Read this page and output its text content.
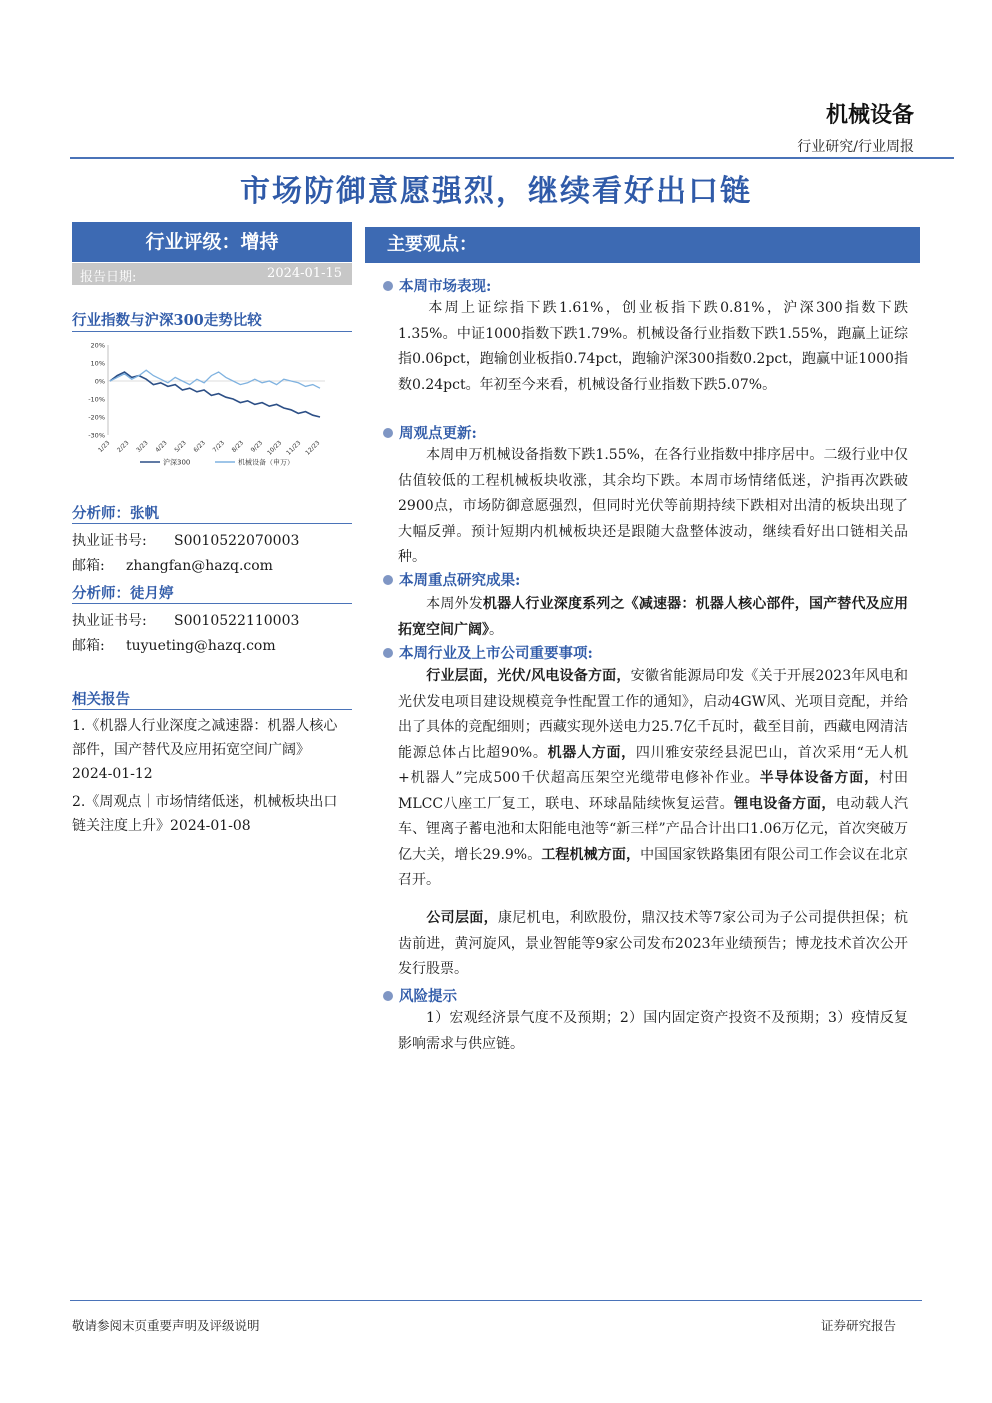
机械设备
行业研究/行业周报
市场防御意愿强烈，继续看好出口链
行业评级：增持
报告日期:	2024-01-15
行业指数与沪深300走势比较
20%
10%
0%
-10%
-20%
-30%
1/23 2/23 3/23 4/23 5/23 6/23 7/23 8/23 9/23 10/23 11/23 12/23
沪深300	机械设备（申万）
分析师：张帆
执业证书号: S0010522070003
邮箱: zhangfan@hazq.com
分析师：徒月婷
执业证书号: S0010522110003
邮箱: tuyueting@hazq.com
相关报告

1.《机器人行业深度之减速器：机器人核心部件，国产替代及应用拓宽空间广阔》2024-01-12

2.《周观点｜市场情绪低迷，机械板块出口链关注度上升》2024-01-08

主要观点：
本周市场表现:
本周上证综指下跌1.61%，创业板指下跌0.81%，沪深300指数下跌1.35%。中证1000指数下跌1.79%。机械设备行业指数下跌1.55%，跑赢上证综指0.06pct，跑输创业板指0.74pct，跑输沪深300指数0.2pct，跑赢中证1000指数0.24pct。年初至今来看，机械设备行业指数下跌5.07%。
周观点更新:
本周申万机械设备指数下跌1.55%，在各行业指数中排序居中。二级行业中仅估值较低的工程机械板块收涨，其余均下跌。本周市场情绪低迷，沪指再次跌破2900点，市场防御意愿强烈，但同时光伏等前期持续下跌相对出清的板块出现了大幅反弹。预计短期内机械板块还是跟随大盘整体波动，继续看好出口链相关品种。
本周重点研究成果:
本周外发机器人行业深度系列之《减速器：机器人核心部件，国产替代及应用拓宽空间广阔》。
本周行业及上市公司重要事项:
行业层面，光伏/风电设备方面，安徽省能源局印发《关于开展2023年风电和光伏发电项目建设规模竞争性配置工作的通知》，启动4GW风、光项目竞配，并给出了具体的竞配细则；西藏实现外送电力25.7亿千瓦时，截至目前，西藏电网清洁能源总体占比超90%。机器人方面，四川雅安荥经县泥巴山，首次采用“无人机+机器人”完成500千伏超高压架空光缆带电修补作业。半导体设备方面，村田MLCC八座工厂复工，联电、环球晶陆续恢复运营。锂电设备方面，电动载人汽车、锂离子蓄电池和太阳能电池等“新三样”产品合计出口1.06万亿元，首次突破万亿大关，增长29.9%。工程机械方面，中国国家铁路集团有限公司工作会议在北京召开。
公司层面，康尼机电，利欧股份，鼎汉技术等7家公司为子公司提供担保；杭齿前进，黄河旋风，景业智能等9家公司发布2023年业绩预告；博龙技术首次公开发行股票。
风险提示
1）宏观经济景气度不及预期；2）国内固定资产投资不及预期；3）疫情反复影响需求与供应链。
敬请参阅末页重要声明及评级说明	证券研究报告
